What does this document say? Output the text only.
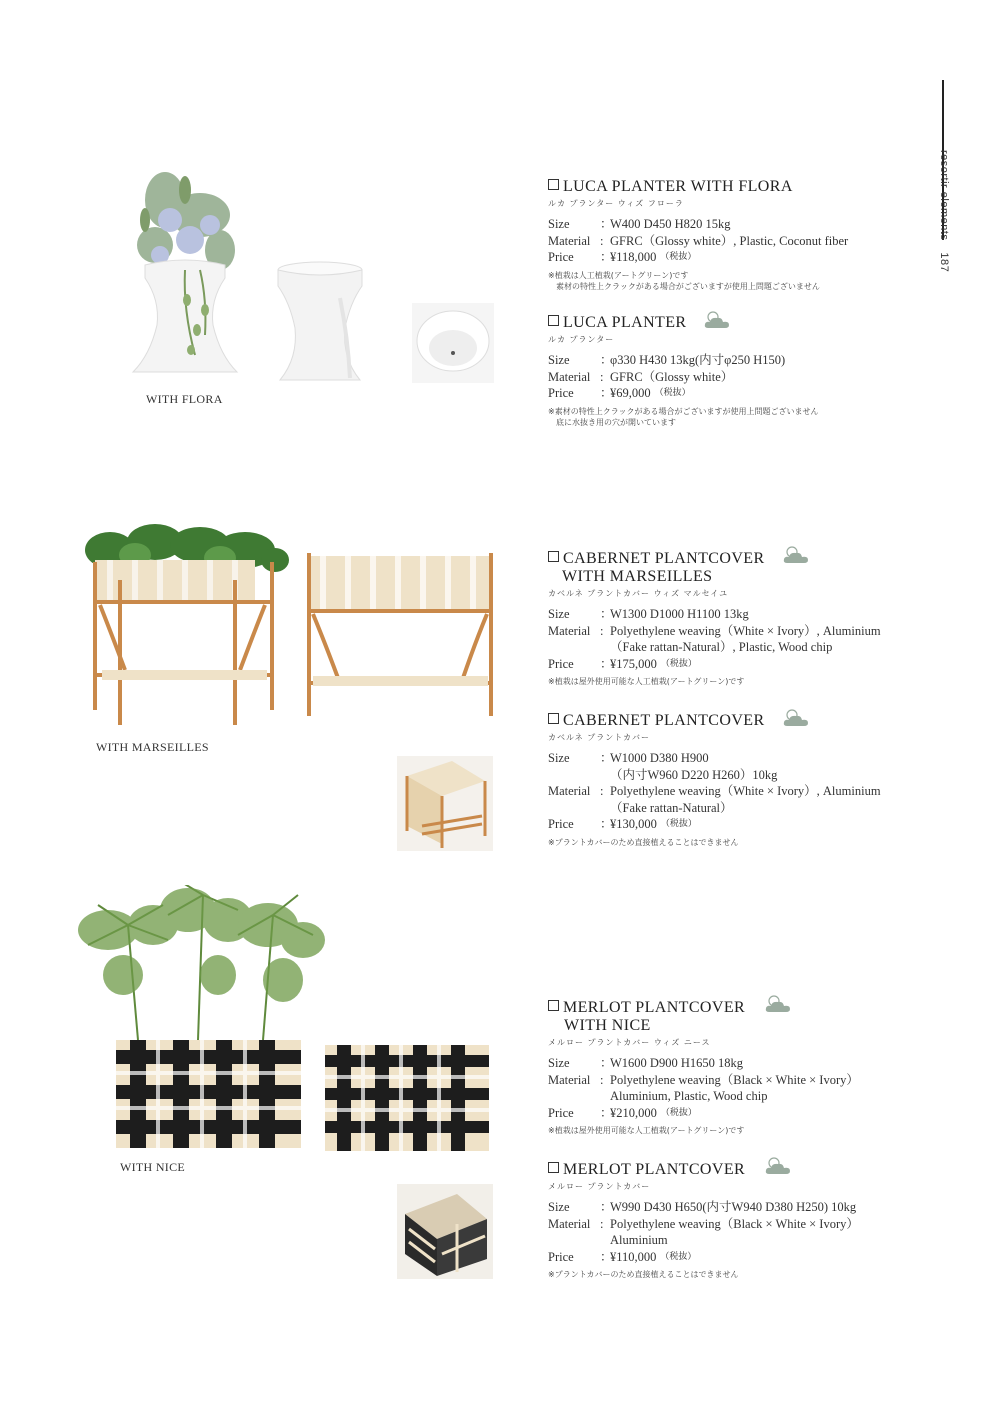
resortir elements187
WITH FLORA
LUCA PLANTER WITH FLORA
ルカ プランター ウィズ フローラ
Size	：
W400 D450 H820 15kg
Material : GFRC（Glossy white）, Plastic, Coconut fiber
Price	：
¥118,000 （税抜）
※植栽は人工植栽(アートグリーン)です
　素材の特性上クラックがある場合がございますが使用上問題ございません
LUCA PLANTER
ルカ プランター
Size	：
φ330 H430 13kg(内寸φ250 H150)
Material : GFRC（Glossy white）
Price	：
¥69,000 （税抜）
※素材の特性上クラックがある場合がございますが使用上問題ございません
　底に水抜き用の穴が開いています
WITH MARSEILLES
CABERNET PLANTCOVER
WITH MARSEILLES
カベルネ プラントカバー ウィズ マルセイユ
Size	：
W1300 D1000 H1100 13kg
Material : Polyethylene weaving（White × Ivory）, Aluminium
（Fake rattan-Natural）, Plastic, Wood chip
Price	：
¥175,000 （税抜）
※植栽は屋外使用可能な人工植栽(アートグリーン)です
CABERNET PLANTCOVER
カベルネ プラントカバー
Size	：
W1000 D380 H900
（内寸W960 D220 H260）10kg
Material : Polyethylene weaving（White × Ivory）, Aluminium
（Fake rattan-Natural）
Price	：
¥130,000 （税抜）
※プラントカバーのため直接植えることはできません
WITH NICE
MERLOT PLANTCOVER
WITH NICE
メルロー プラントカバー ウィズ ニース
Size	：
W1600 D900 H1650 18kg
Material : Polyethylene weaving（Black × White × Ivory）
Aluminium, Plastic, Wood chip
Price	：
¥210,000 （税抜）
※植栽は屋外使用可能な人工植栽(アートグリーン)です
MERLOT PLANTCOVER
メルロー プラントカバー
Size	：
W990 D430 H650(内寸W940 D380 H250) 10kg
Material : Polyethylene weaving（Black × White × Ivory）
Aluminium
Price	：
¥110,000 （税抜）
※プラントカバーのため直接植えることはできません
